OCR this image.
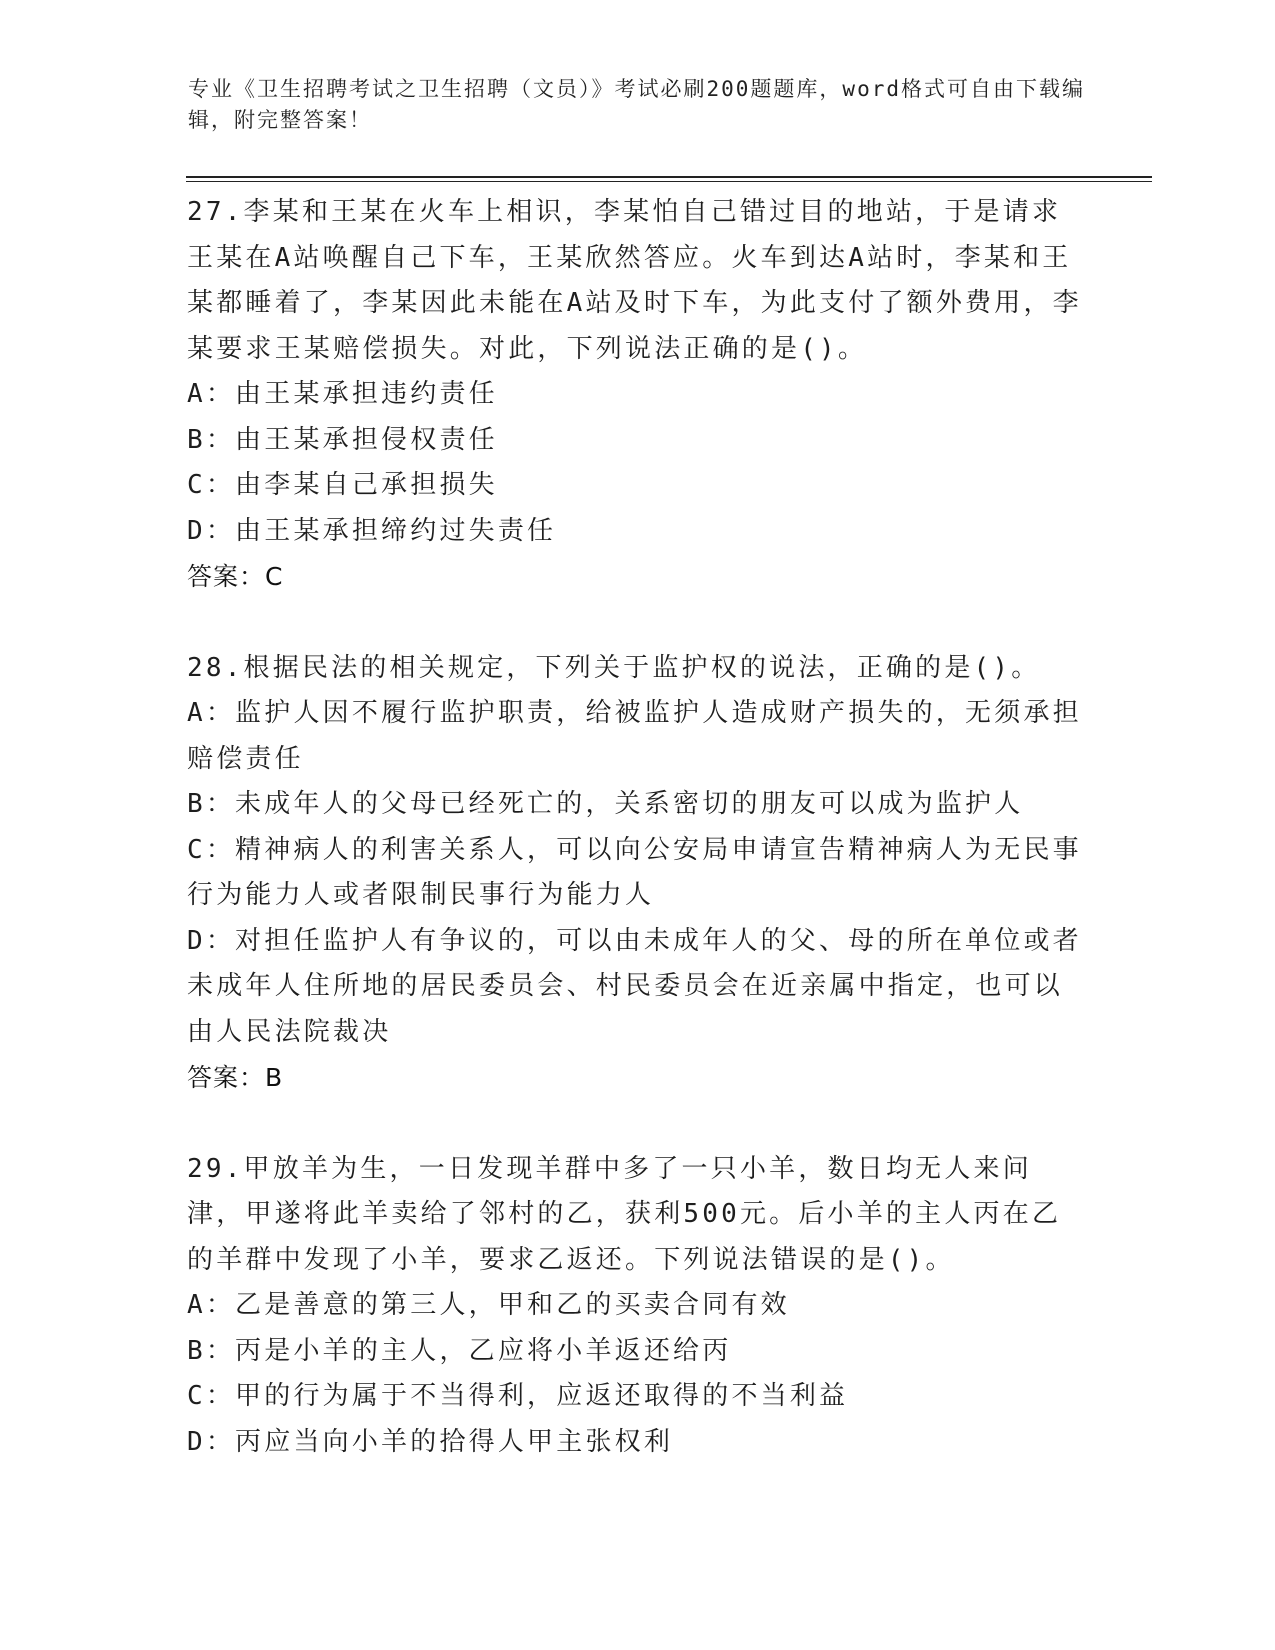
专业《卫生招聘考试之卫生招聘（文员）》考试必刷200题题库，word格式可自由下载编辑，附完整答案！

27.李某和王某在火车上相识，李某怕自己错过目的地站，于是请求王某在A站唤醒自己下车，王某欣然答应。火车到达A站时，李某和王某都睡着了，李某因此未能在A站及时下车，为此支付了额外费用，李某要求王某赔偿损失。对此，下列说法正确的是()。

A：由王某承担违约责任

B：由王某承担侵权责任

C：由李某自己承担损失

D：由王某承担缔约过失责任

答案：C

28.根据民法的相关规定，下列关于监护权的说法，正确的是()。

A：监护人因不履行监护职责，给被监护人造成财产损失的，无须承担赔偿责任

B：未成年人的父母已经死亡的，关系密切的朋友可以成为监护人

C：精神病人的利害关系人，可以向公安局申请宣告精神病人为无民事行为能力人或者限制民事行为能力人

D：对担任监护人有争议的，可以由未成年人的父、母的所在单位或者未成年人住所地的居民委员会、村民委员会在近亲属中指定，也可以由人民法院裁决

答案：B

29.甲放羊为生，一日发现羊群中多了一只小羊，数日均无人来问津，甲遂将此羊卖给了邻村的乙，获利500元。后小羊的主人丙在乙的羊群中发现了小羊，要求乙返还。下列说法错误的是()。

A：乙是善意的第三人，甲和乙的买卖合同有效

B：丙是小羊的主人，乙应将小羊返还给丙

C：甲的行为属于不当得利，应返还取得的不当利益

D：丙应当向小羊的拾得人甲主张权利
